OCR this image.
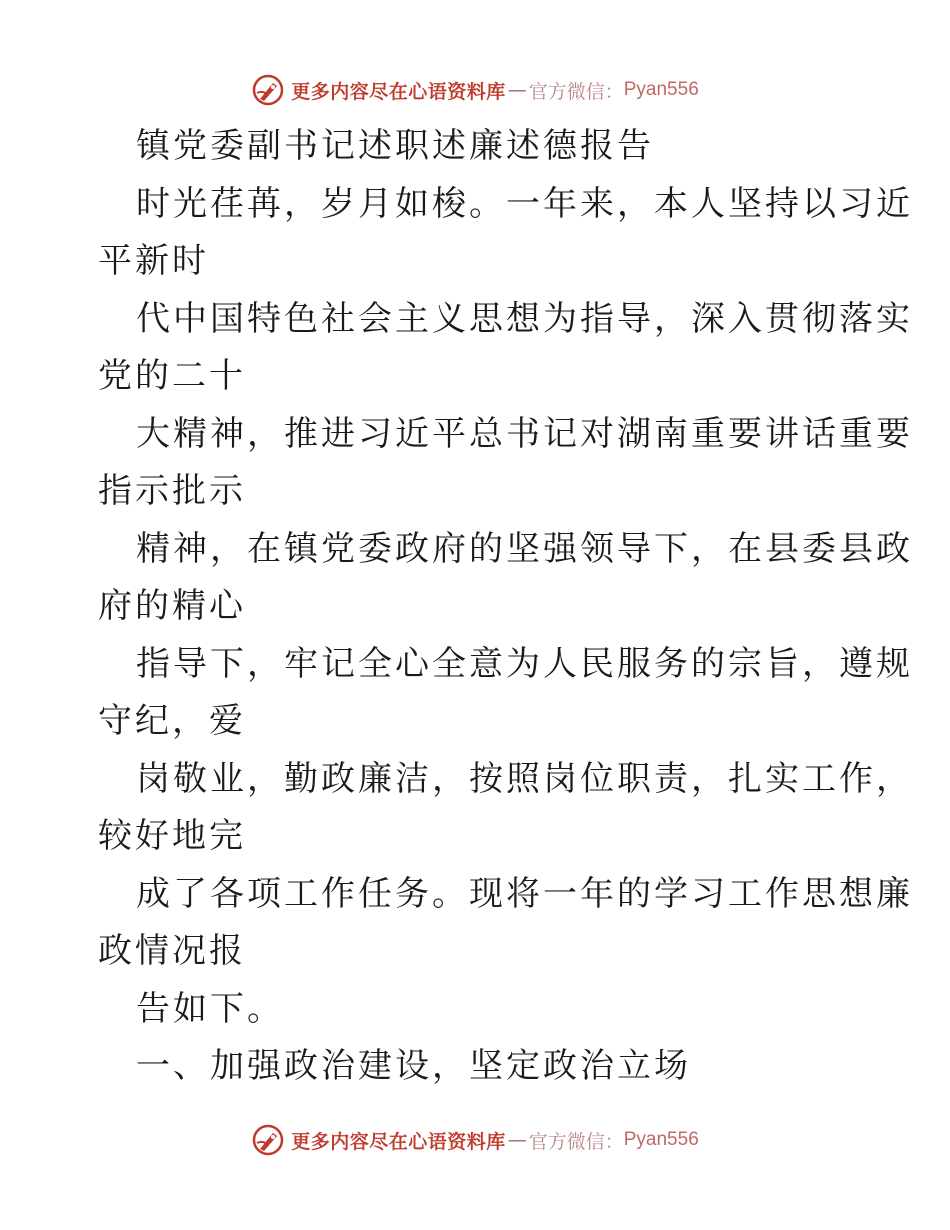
更多内容尽在心语资料库 — 官方微信： Pyan556
镇党委副书记述职述廉述德报告
时光荏苒，岁月如梭。一年来，本人坚持以习近
平新时
代中国特色社会主义思想为指导，深入贯彻落实
党的二十
大精神，推进习近平总书记对湖南重要讲话重要
指示批示
精神，在镇党委政府的坚强领导下，在县委县政
府的精心
指导下，牢记全心全意为人民服务的宗旨，遵规
守纪，爱
岗敬业，勤政廉洁，按照岗位职责，扎实工作，
较好地完
成了各项工作任务。现将一年的学习工作思想廉
政情况报
告如下。
一、加强政治建设，坚定政治立场
更多内容尽在心语资料库 — 官方微信： Pyan556
